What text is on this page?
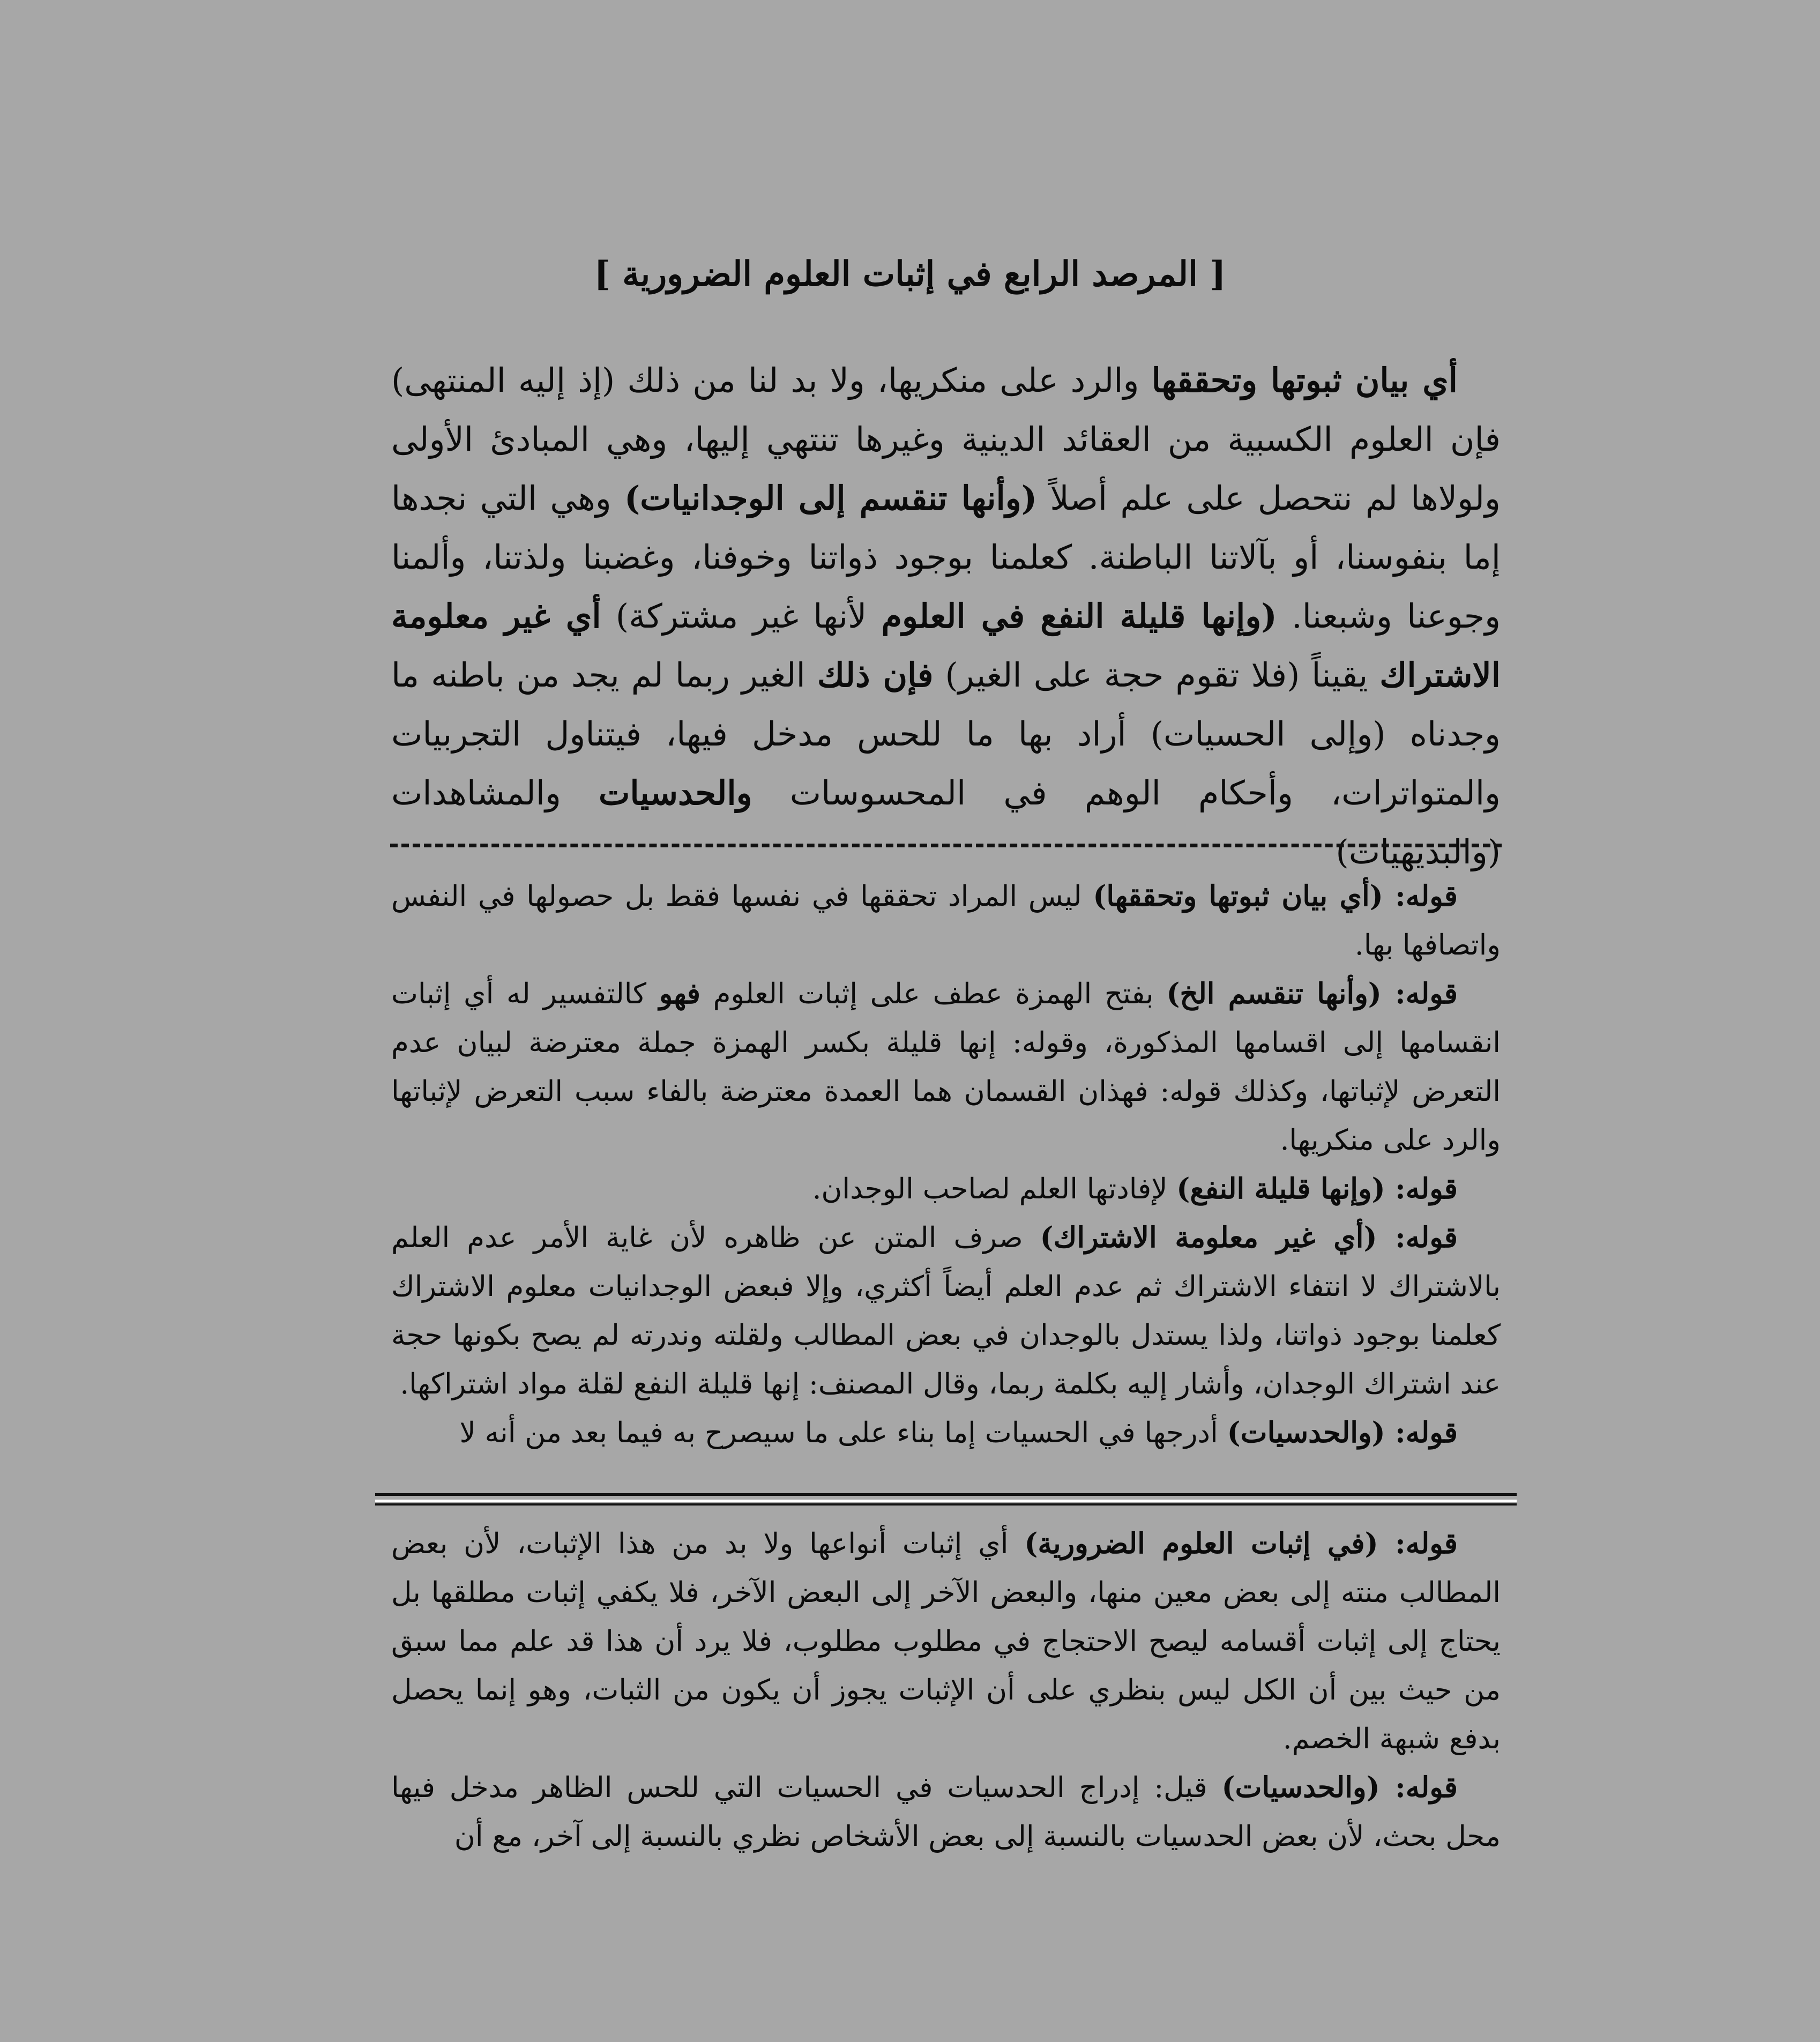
[ المرصد الرابع في إثبات العلوم الضرورية ]

أي بيان ثبوتها وتحققها والرد على منكريها، ولا بد لنا من ذلك (إذ إليه المنتهى) فإن العلوم الكسبية من العقائد الدينية وغيرها تنتهي إليها، وهي المبادئ الأولى ولولاها لم نتحصل على علم أصلاً (وأنها تنقسم إلى الوجدانيات) وهي التي نجدها إما بنفوسنا، أو بآلاتنا الباطنة. كعلمنا بوجود ذواتنا وخوفنا، وغضبنا ولذتنا، وألمنا وجوعنا وشبعنا. (وإنها قليلة النفع في العلوم لأنها غير مشتركة) أي غير معلومة الاشتراك يقيناً (فلا تقوم حجة على الغير) فإن ذلك الغير ربما لم يجد من باطنه ما وجدناه (وإلى الحسيات) أراد بها ما للحس مدخل فيها، فيتناول التجربيات والمتواترات، وأحكام الوهم في المحسوسات والحدسيات والمشاهدات (والبديهيات)

قوله: (أي بيان ثبوتها وتحققها) ليس المراد تحققها في نفسها فقط بل حصولها في النفس واتصافها بها.

قوله: (وأنها تنقسم الخ) بفتح الهمزة عطف على إثبات العلوم فهو كالتفسير له أي إثبات انقسامها إلى اقسامها المذكورة، وقوله: إنها قليلة بكسر الهمزة جملة معترضة لبيان عدم التعرض لإثباتها، وكذلك قوله: فهذان القسمان هما العمدة معترضة بالفاء سبب التعرض لإثباتها والرد على منكريها.

قوله: (وإنها قليلة النفع) لإفادتها العلم لصاحب الوجدان.

قوله: (أي غير معلومة الاشتراك) صرف المتن عن ظاهره لأن غاية الأمر عدم العلم بالاشتراك لا انتفاء الاشتراك ثم عدم العلم أيضاً أكثري، وإلا فبعض الوجدانيات معلوم الاشتراك كعلمنا بوجود ذواتنا، ولذا يستدل بالوجدان في بعض المطالب ولقلته وندرته لم يصح بكونها حجة عند اشتراك الوجدان، وأشار إليه بكلمة ربما، وقال المصنف: إنها قليلة النفع لقلة مواد اشتراكها.

قوله: (والحدسيات) أدرجها في الحسيات إما بناء على ما سيصرح به فيما بعد من أنه لا

قوله: (في إثبات العلوم الضرورية) أي إثبات أنواعها ولا بد من هذا الإثبات، لأن بعض المطالب منته إلى بعض معين منها، والبعض الآخر إلى البعض الآخر، فلا يكفي إثبات مطلقها بل يحتاج إلى إثبات أقسامه ليصح الاحتجاج في مطلوب مطلوب، فلا يرد أن هذا قد علم مما سبق من حيث بين أن الكل ليس بنظري على أن الإثبات يجوز أن يكون من الثبات، وهو إنما يحصل بدفع شبهة الخصم.

قوله: (والحدسيات) قيل: إدراج الحدسيات في الحسيات التي للحس الظاهر مدخل فيها محل بحث، لأن بعض الحدسيات بالنسبة إلى بعض الأشخاص نظري بالنسبة إلى آخر، مع أن
